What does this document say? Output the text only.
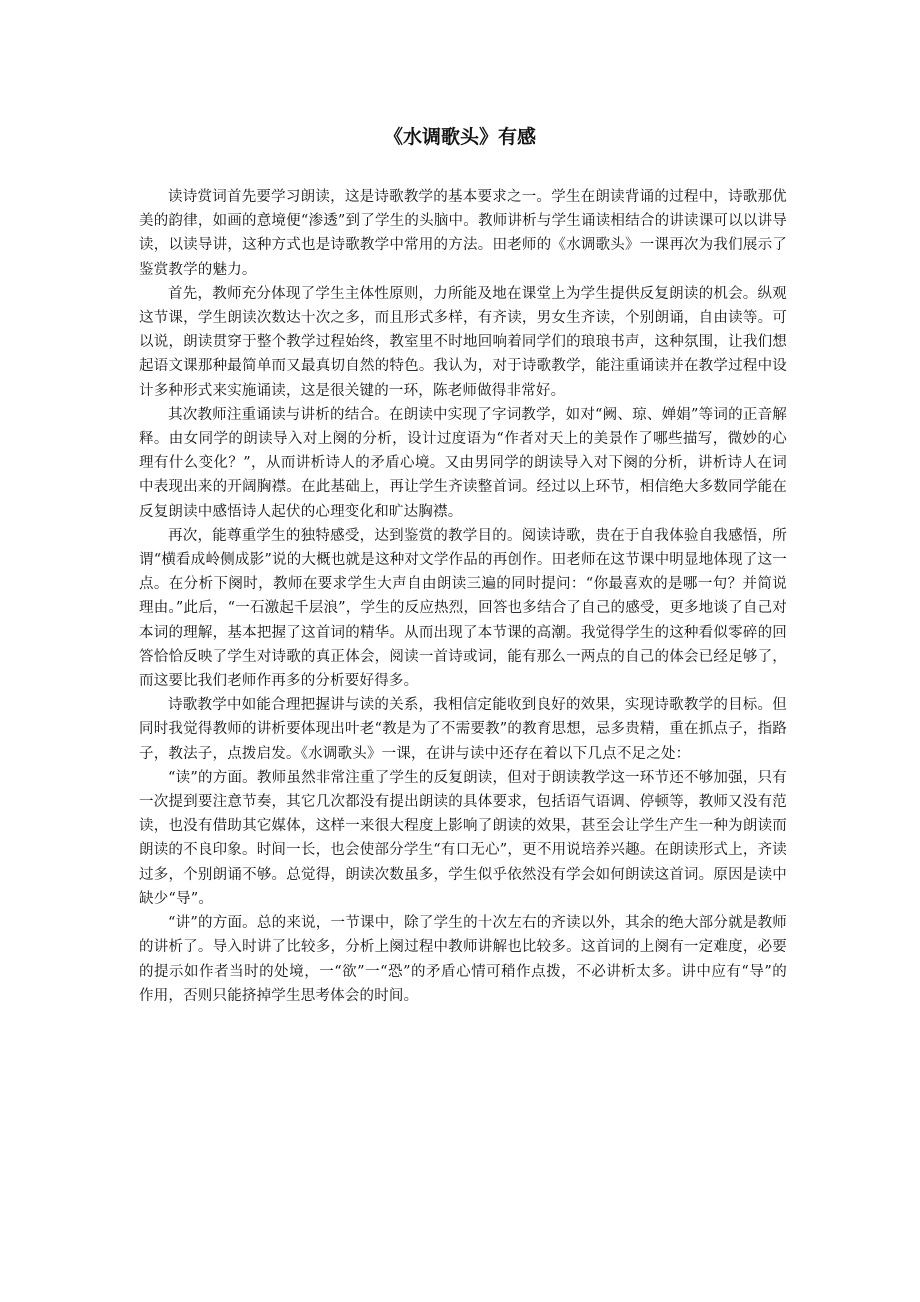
《水调歌头》有感

读诗赏词首先要学习朗读，这是诗歌教学的基本要求之一。学生在朗读背诵的过程中，诗歌那优美的韵律，如画的意境便“渗透”到了学生的头脑中。教师讲析与学生诵读相结合的讲读课可以以讲导读，以读导讲，这种方式也是诗歌教学中常用的方法。田老师的《水调歌头》一课再次为我们展示了鉴赏教学的魅力。

首先，教师充分体现了学生主体性原则，力所能及地在课堂上为学生提供反复朗读的机会。纵观这节课，学生朗读次数达十次之多，而且形式多样，有齐读，男女生齐读，个别朗诵，自由读等。可以说，朗读贯穿于整个教学过程始终，教室里不时地回响着同学们的琅琅书声，这种氛围，让我们想起语文课那种最简单而又最真切自然的特色。我认为，对于诗歌教学，能注重诵读并在教学过程中设计多种形式来实施诵读，这是很关键的一环，陈老师做得非常好。

其次教师注重诵读与讲析的结合。在朗读中实现了字词教学，如对“阙、琼、婵娟”等词的正音解释。由女同学的朗读导入对上阕的分析，设计过度语为“作者对天上的美景作了哪些描写，微妙的心理有什么变化？”，从而讲析诗人的矛盾心境。又由男同学的朗读导入对下阕的分析，讲析诗人在词中表现出来的开阔胸襟。在此基础上，再让学生齐读整首词。经过以上环节，相信绝大多数同学能在反复朗读中感悟诗人起伏的心理变化和旷达胸襟。

再次，能尊重学生的独特感受，达到鉴赏的教学目的。阅读诗歌，贵在于自我体验自我感悟，所谓“横看成岭侧成影”说的大概也就是这种对文学作品的再创作。田老师在这节课中明显地体现了这一点。在分析下阕时，教师在要求学生大声自由朗读三遍的同时提问：“你最喜欢的是哪一句？并简说理由。”此后，“一石激起千层浪”，学生的反应热烈，回答也多结合了自己的感受，更多地谈了自己对本词的理解，基本把握了这首词的精华。从而出现了本节课的高潮。我觉得学生的这种看似零碎的回答恰恰反映了学生对诗歌的真正体会，阅读一首诗或词，能有那么一两点的自己的体会已经足够了，而这要比我们老师作再多的分析要好得多。

诗歌教学中如能合理把握讲与读的关系，我相信定能收到良好的效果，实现诗歌教学的目标。但同时我觉得教师的讲析要体现出叶老“教是为了不需要教”的教育思想，忌多贵精，重在抓点子，指路子，教法子，点拨启发。《水调歌头》一课，在讲与读中还存在着以下几点不足之处：

“读”的方面。教师虽然非常注重了学生的反复朗读，但对于朗读教学这一环节还不够加强，只有一次提到要注意节奏，其它几次都没有提出朗读的具体要求，包括语气语调、停顿等，教师又没有范读，也没有借助其它媒体，这样一来很大程度上影响了朗读的效果，甚至会让学生产生一种为朗读而朗读的不良印象。时间一长，也会使部分学生“有口无心”，更不用说培养兴趣。在朗读形式上，齐读过多，个别朗诵不够。总觉得，朗读次数虽多，学生似乎依然没有学会如何朗读这首词。原因是读中缺少“导”。

“讲”的方面。总的来说，一节课中，除了学生的十次左右的齐读以外，其余的绝大部分就是教师的讲析了。导入时讲了比较多，分析上阕过程中教师讲解也比较多。这首词的上阕有一定难度，必要的提示如作者当时的处境，一“欲”一“恐”的矛盾心情可稍作点拨，不必讲析太多。讲中应有“导”的作用，否则只能挤掉学生思考体会的时间。
